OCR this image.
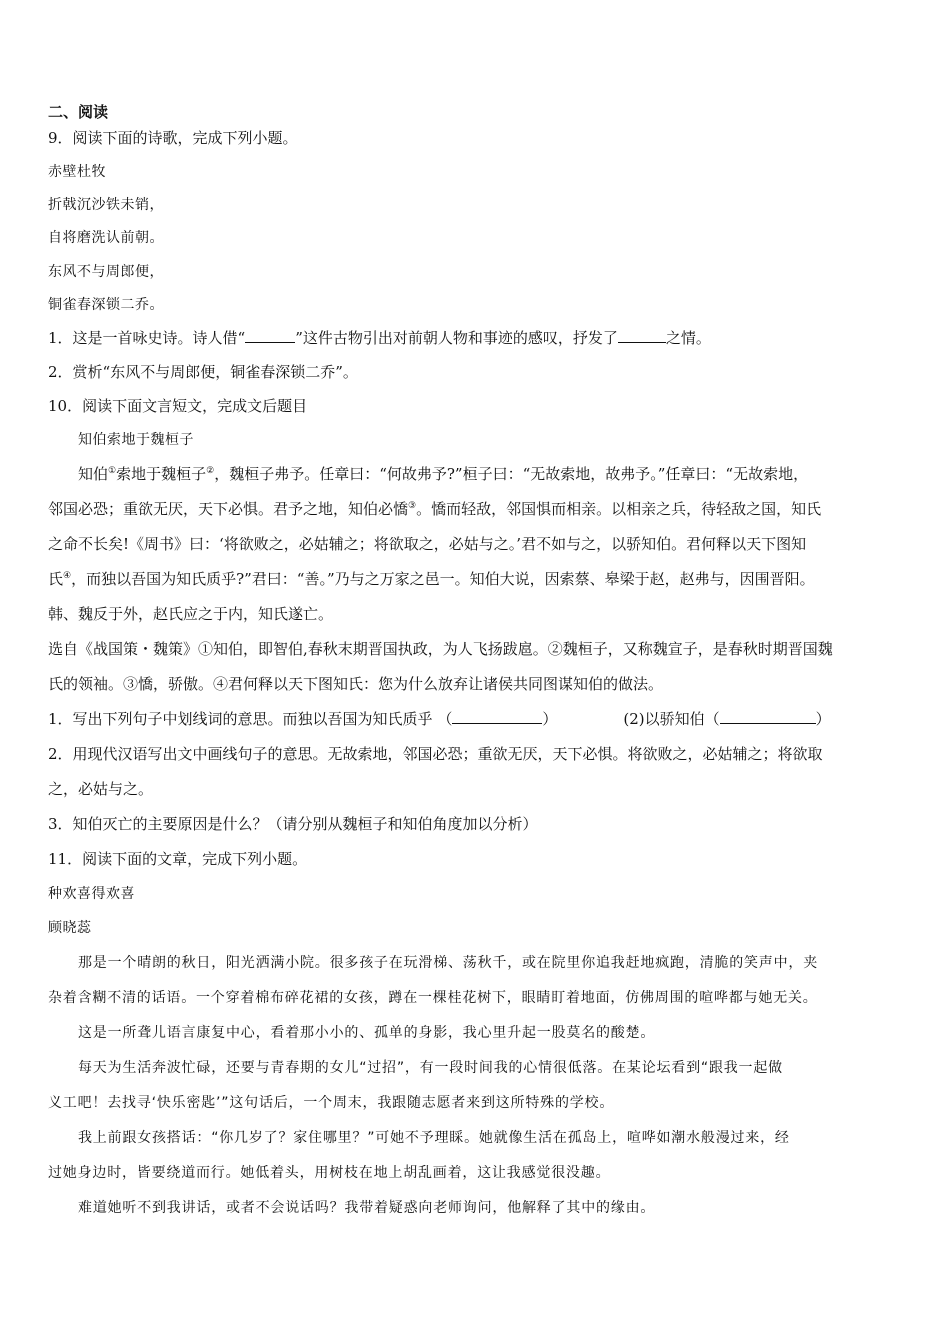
二、阅读
9．阅读下面的诗歌，完成下列小题。
赤壁杜牧
折戟沉沙铁未销，
自将磨洗认前朝。
东风不与周郎便，
铜雀春深锁二乔。
1．这是一首咏史诗。诗人借“	”这件古物引出对前朝人物和事迹的感叹，抒发了	之情。
2．赏析“东风不与周郎便，铜雀春深锁二乔”。
10．阅读下面文言短文，完成文后题目
知伯索地于魏桓子
知伯①索地于魏桓子②，魏桓子弗予。任章曰：“何故弗予?”桓子曰：“无故索地，故弗予。”任章曰：“无故索地，
邻国必恐；重欲无厌，天下必惧。君予之地，知伯必憍③。憍而轻敌，邻国惧而相亲。以相亲之兵，待轻敌之国，知氏
之命不长矣!《周书》曰：‘将欲败之，必姑辅之；将欲取之，必姑与之。’君不如与之，以骄知伯。君何释以天下图知
氏④，而独以吾国为知氏质乎?”君曰：“善。”乃与之万家之邑一。知伯大说，因索蔡、皋梁于赵，赵弗与，因围晋阳。
韩、魏反于外，赵氏应之于内，知氏遂亡。
选自《战国策・魏策》①知伯，即智伯,春秋末期晋国执政，为人飞扬跋扈。②魏桓子，又称魏宣子，是春秋时期晋国魏
氏的领袖。③憍，骄傲。④君何释以天下图知氏：您为什么放弃让诸侯共同图谋知伯的做法。
1．写出下列句子中划线词的意思。而独以吾国为知氏质乎 （	）	(2)以骄知伯（	）
2．用现代汉语写出文中画线句子的意思。无故索地，邻国必恐；重欲无厌，天下必惧。将欲败之，必姑辅之；将欲取
之，必姑与之。
3．知伯灭亡的主要原因是什么？（请分别从魏桓子和知伯角度加以分析）
11．阅读下面的文章，完成下列小题。
种欢喜得欢喜
顾晓蕊
那是一个晴朗的秋日，阳光洒满小院。很多孩子在玩滑梯、荡秋千，或在院里你追我赶地疯跑，清脆的笑声中，夹
杂着含糊不清的话语。一个穿着棉布碎花裙的女孩，蹲在一棵桂花树下，眼睛盯着地面，仿佛周围的喧哗都与她无关。
这是一所聋儿语言康复中心，看着那小小的、孤单的身影，我心里升起一股莫名的酸楚。
每天为生活奔波忙碌，还要与青春期的女儿“过招”，有一段时间我的心情很低落。在某论坛看到“跟我一起做
义工吧！去找寻‘快乐密匙’”这句话后，一个周末，我跟随志愿者来到这所特殊的学校。
我上前跟女孩搭话：“你几岁了？家住哪里？”可她不予理睬。她就像生活在孤岛上，喧哗如潮水般漫过来，经
过她身边时，皆要绕道而行。她低着头，用树枝在地上胡乱画着，这让我感觉很没趣。
难道她听不到我讲话，或者不会说话吗？我带着疑惑向老师询问，他解释了其中的缘由。
